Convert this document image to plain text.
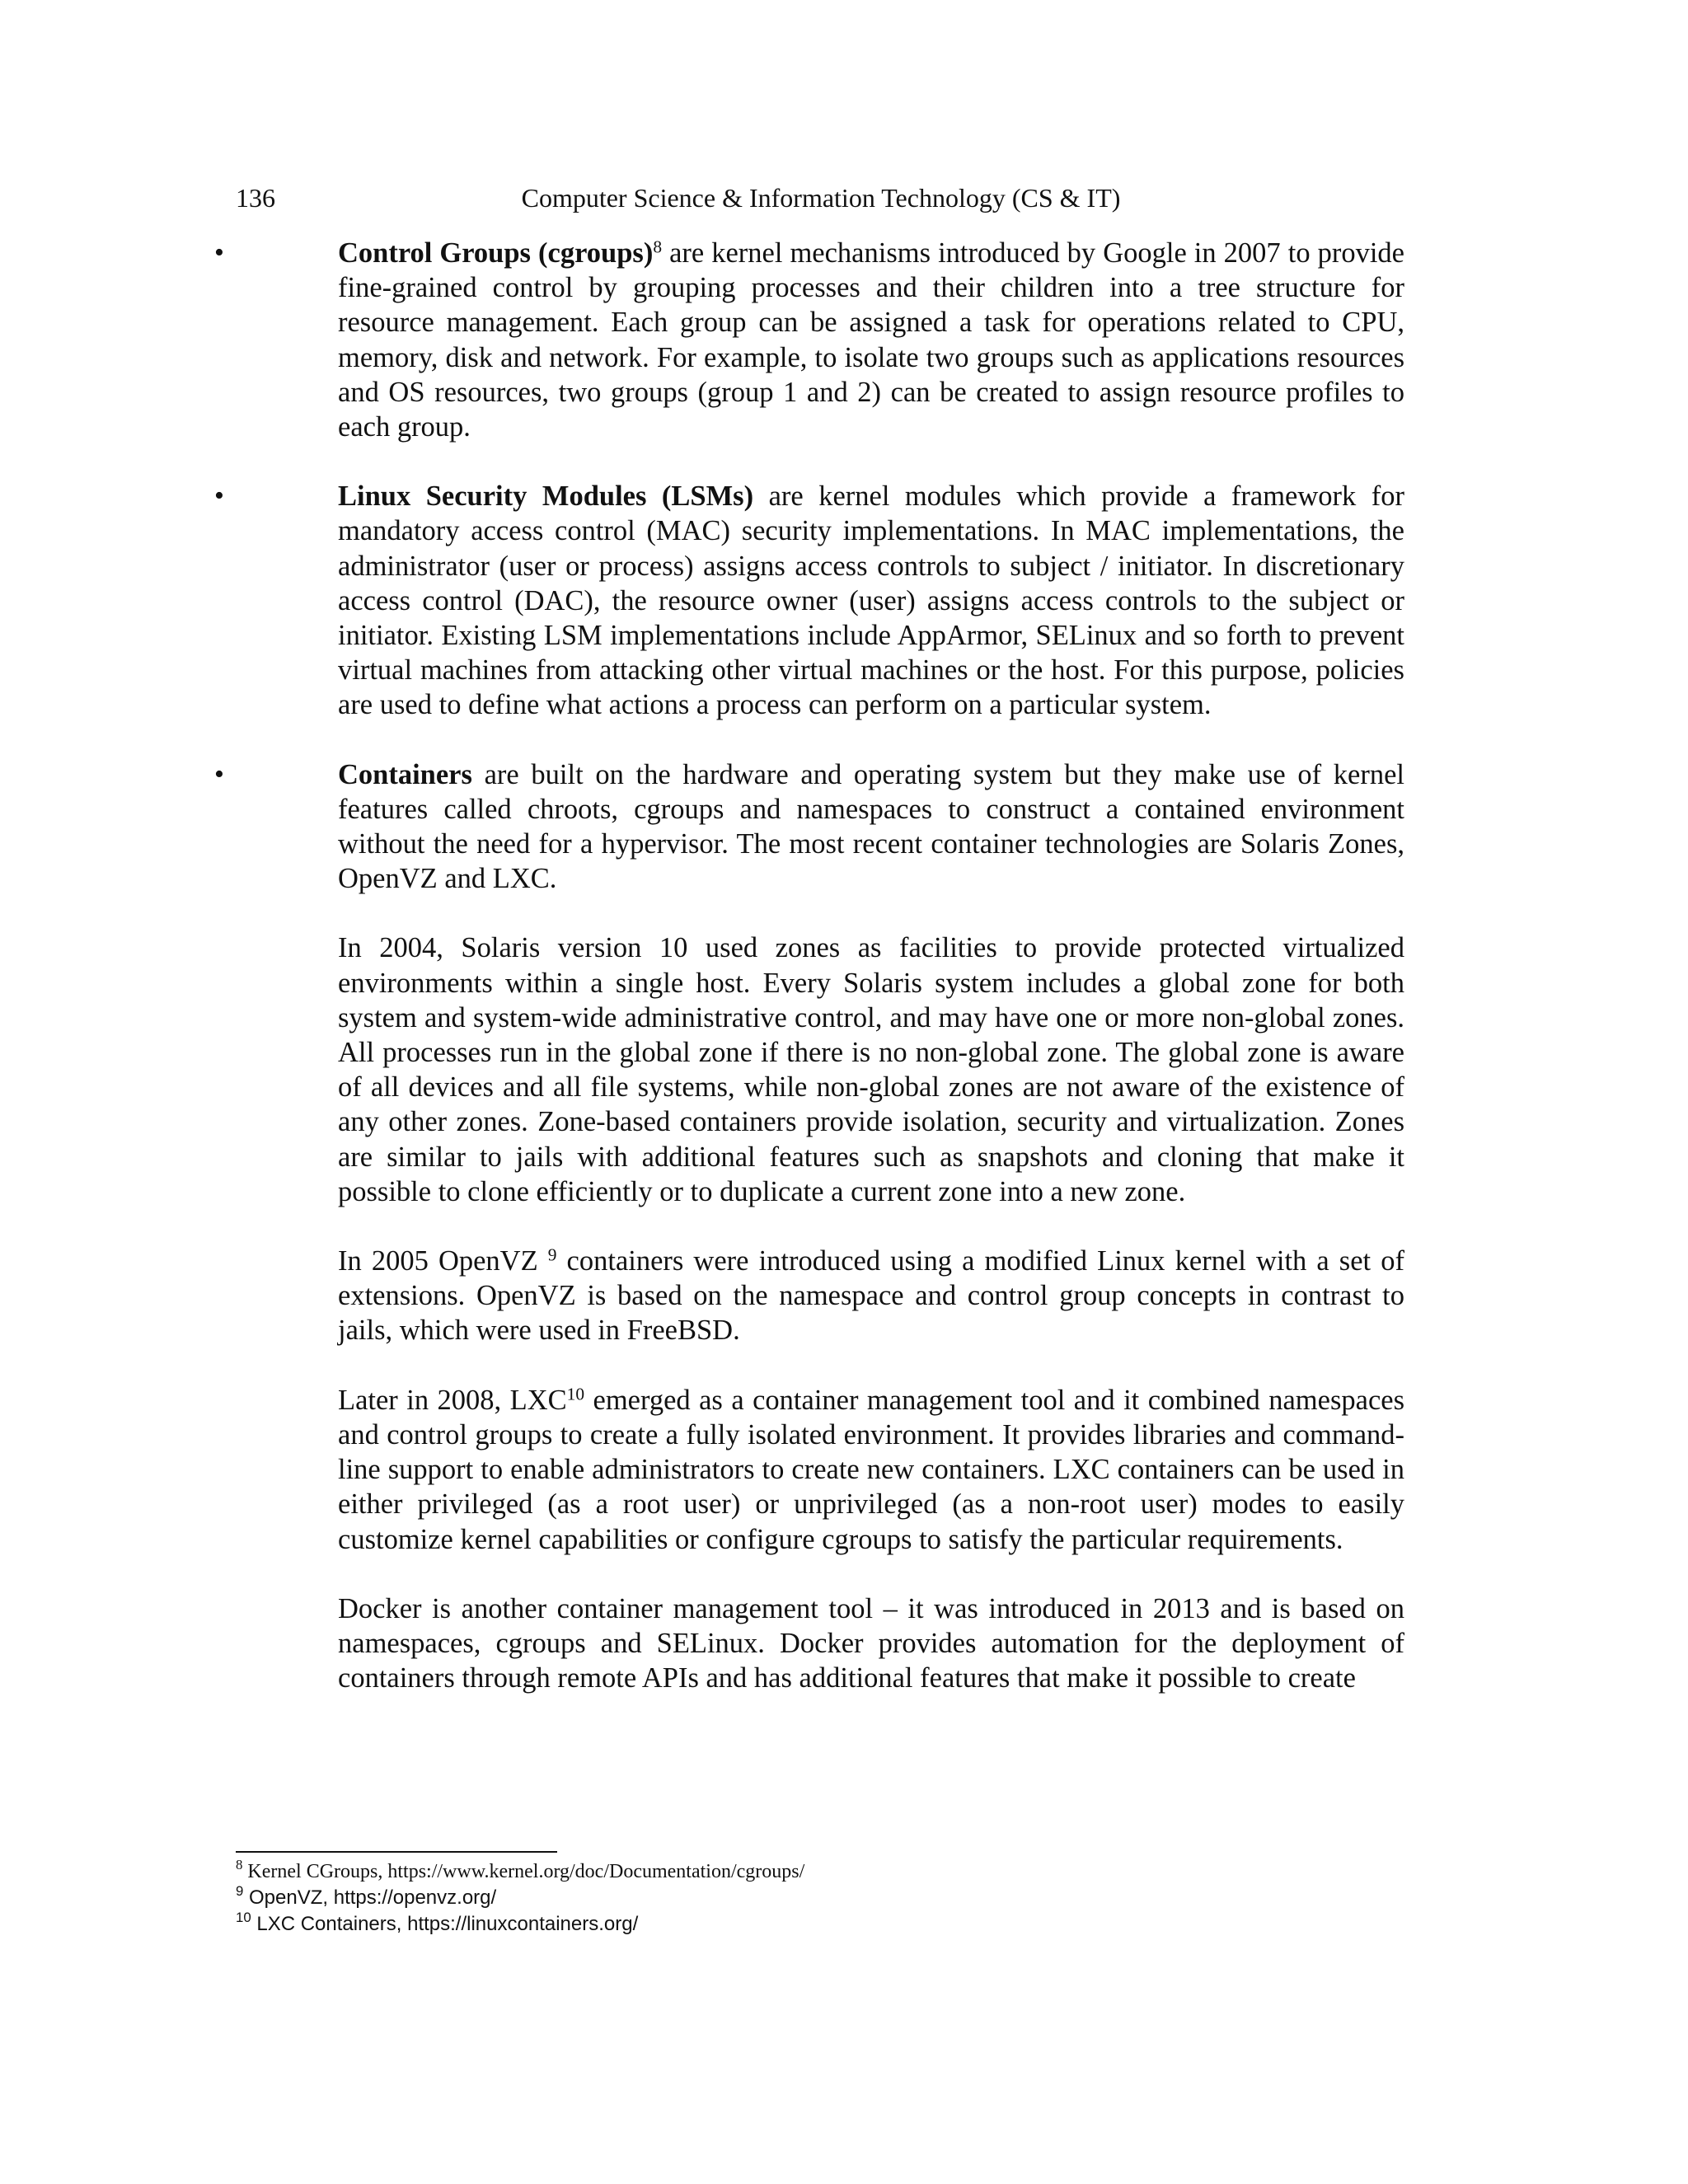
136	Computer Science & Information Technology (CS & IT)
•	Control Groups (cgroups)$^8$ are kernel mechanisms introduced by Google in 2007 to provide fine-grained control by grouping processes and their children into a tree structure for resource management. Each group can be assigned a task for operations related to CPU, memory, disk and network. For example, to isolate two groups such as applications resources and OS resources, two groups (group 1 and 2) can be created to assign resource profiles to each group.
•	Linux Security Modules (LSMs) are kernel modules which provide a framework for mandatory access control (MAC) security implementations. In MAC implementations, the administrator (user or process) assigns access controls to subject / initiator. In discretionary access control (DAC), the resource owner (user) assigns access controls to the subject or initiator. Existing LSM implementations include AppArmor, SELinux and so forth to prevent virtual machines from attacking other virtual machines or the host. For this purpose, policies are used to define what actions a process can perform on a particular system.
•	Containers are built on the hardware and operating system but they make use of kernel features called chroots, cgroups and namespaces to construct a contained environment without the need for a hypervisor. The most recent container technologies are Solaris Zones, OpenVZ and LXC.

In 2004, Solaris version 10 used zones as facilities to provide protected virtualized environments within a single host. Every Solaris system includes a global zone for both system and system-wide administrative control, and may have one or more non-global zones. All processes run in the global zone if there is no non-global zone. The global zone is aware of all devices and all file systems, while non-global zones are not aware of the existence of any other zones. Zone-based containers provide isolation, security and virtualization. Zones are similar to jails with additional features such as snapshots and cloning that make it possible to clone efficiently or to duplicate a current zone into a new zone.

In 2005 OpenVZ $^9$ containers were introduced using a modified Linux kernel with a set of extensions. OpenVZ is based on the namespace and control group concepts in contrast to jails, which were used in FreeBSD.

Later in 2008, LXC$^{10}$ emerged as a container management tool and it combined namespaces and control groups to create a fully isolated environment. It provides libraries and command-line support to enable administrators to create new containers. LXC containers can be used in either privileged (as a root user) or unprivileged (as a non-root user) modes to easily customize kernel capabilities or configure cgroups to satisfy the particular requirements.

Docker is another container management tool – it was introduced in 2013 and is based on namespaces, cgroups and SELinux. Docker provides automation for the deployment of containers through remote APIs and has additional features that make it possible to create

$^8$ Kernel CGroups, https://www.kernel.org/doc/Documentation/cgroups/
$^9$ OpenVZ, https://openvz.org/
$^{10}$ LXC Containers, https://linuxcontainers.org/
